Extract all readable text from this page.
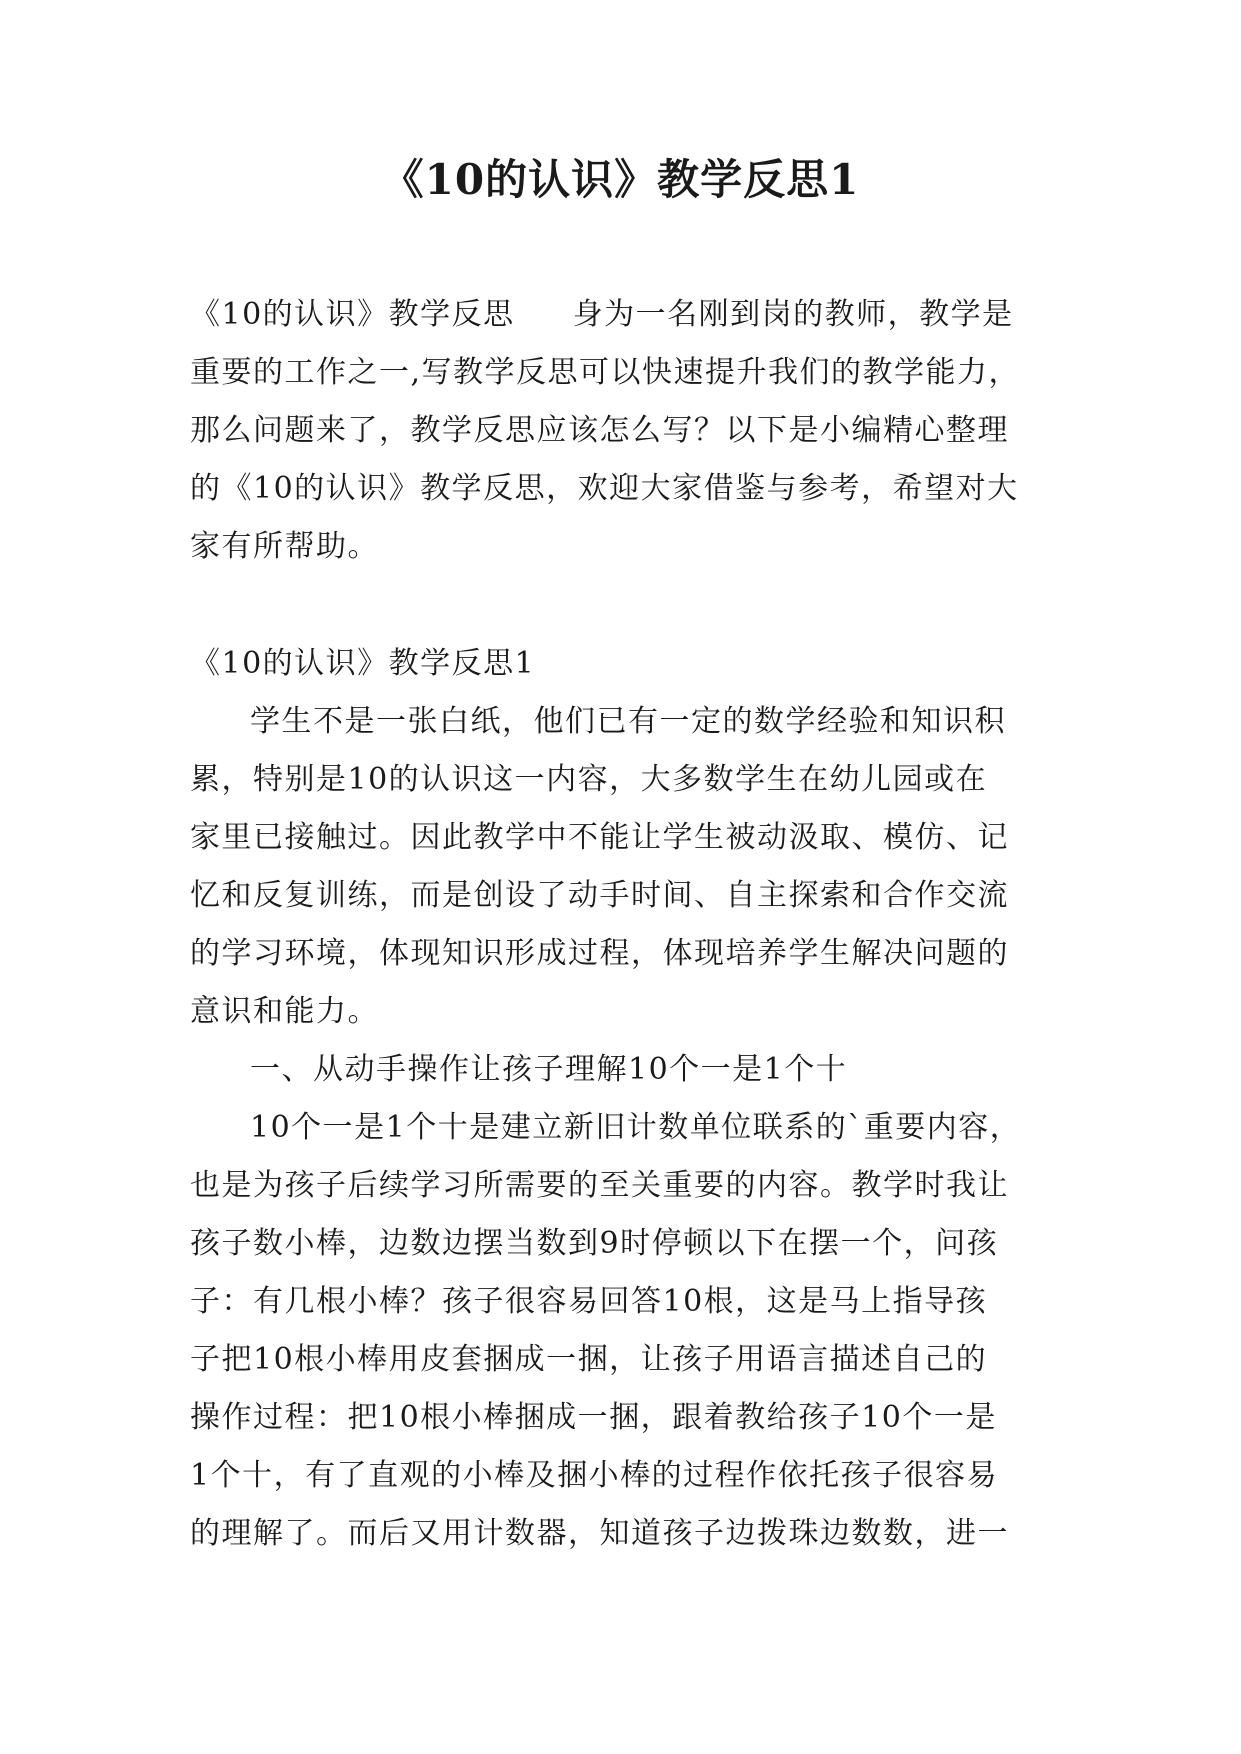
《10的认识》教学反思1
《10的认识》教学反思 身为一名刚到岗的教师，教学是
重要的工作之一,写教学反思可以快速提升我们的教学能力，
那么问题来了，教学反思应该怎么写？以下是小编精心整理
的《10的认识》教学反思，欢迎大家借鉴与参考，希望对大
家有所帮助。
《10的认识》教学反思1
学生不是一张白纸，他们已有一定的数学经验和知识积
累，特别是10的认识这一内容，大多数学生在幼儿园或在
家里已接触过。因此教学中不能让学生被动汲取、模仿、记
忆和反复训练，而是创设了动手时间、自主探索和合作交流
的学习环境，体现知识形成过程，体现培养学生解决问题的
意识和能力。
一、从动手操作让孩子理解10个一是1个十
10个一是1个十是建立新旧计数单位联系的`重要内容，
也是为孩子后续学习所需要的至关重要的内容。教学时我让
孩子数小棒，边数边摆当数到9时停顿以下在摆一个，问孩
子：有几根小棒？孩子很容易回答10根，这是马上指导孩
子把10根小棒用皮套捆成一捆，让孩子用语言描述自己的
操作过程：把10根小棒捆成一捆，跟着教给孩子10个一是
1个十，有了直观的小棒及捆小棒的过程作依托孩子很容易
的理解了。而后又用计数器，知道孩子边拨珠边数数，进一
